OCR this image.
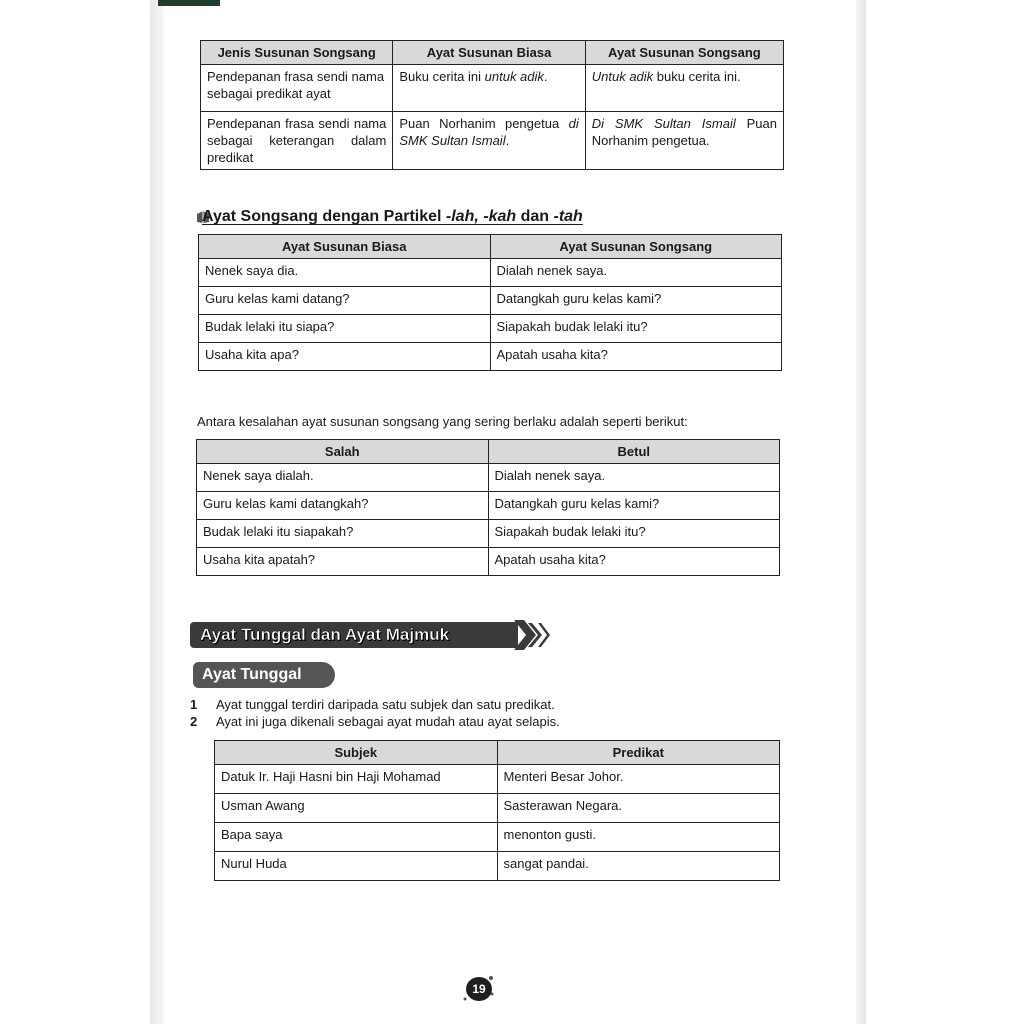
Jenis Susunan Songsang	Ayat Susunan Biasa	Ayat Susunan Songsang
Pendepanan frasa sendi nama sebagai predikat ayat	Buku cerita ini untuk adik.	Untuk adik buku cerita ini.
Pendepanan frasa sendi nama sebagai keterangan dalam predikat	Puan Norhanim pengetua di SMK Sultan Ismail.	Di SMK Sultan Ismail Puan Norhanim pengetua.
Ayat Songsang dengan Partikel -lah, -kah dan -tah
Ayat Susunan Biasa	Ayat Susunan Songsang
Nenek saya dia.	Dialah nenek saya.
Guru kelas kami datang?	Datangkah guru kelas kami?
Budak lelaki itu siapa?	Siapakah budak lelaki itu?
Usaha kita apa?	Apatah usaha kita?
Antara kesalahan ayat susunan songsang yang sering berlaku adalah seperti berikut:
Salah	Betul
Nenek saya dialah.	Dialah nenek saya.
Guru kelas kami datangkah?	Datangkah guru kelas kami?
Budak lelaki itu siapakah?	Siapakah budak lelaki itu?
Usaha kita apatah?	Apatah usaha kita?
Ayat Tunggal dan Ayat Majmuk
Ayat Tunggal
1 Ayat tunggal terdiri daripada satu subjek dan satu predikat.
2 Ayat ini juga dikenali sebagai ayat mudah atau ayat selapis.
Subjek	Predikat
Datuk Ir. Haji Hasni bin Haji Mohamad	Menteri Besar Johor.
Usman Awang	Sasterawan Negara.
Bapa saya	menonton gusti.
Nurul Huda	sangat pandai.
19
